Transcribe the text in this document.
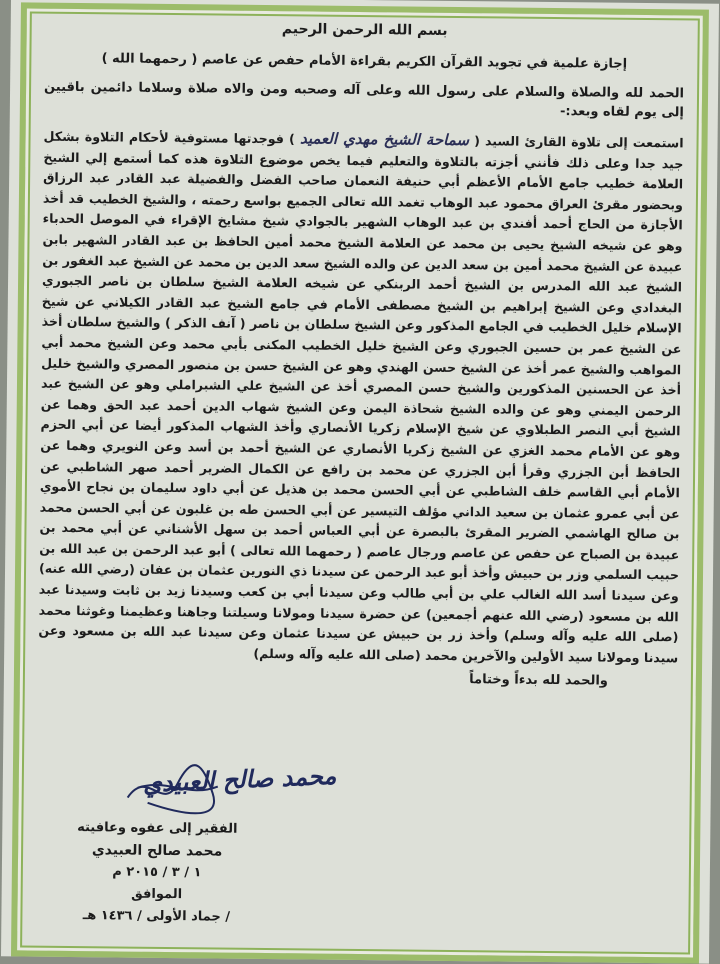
بسم الله الرحمن الرحيم
إجازة علمية في تجويد القرآن الكريم بقراءة الأمام حفص عن عاصم ( رحمهما الله )
الحمد لله والصلاة والسلام على رسول الله وعلى آله وصحبه ومن والاه صلاة وسلاما دائمين باقيين إلى يوم لقاه وبعد:-

استمعت إلى تلاوة القارئ السيد ( سماحة الشيخ مهدي العميد ) فوجدتها مستوفية لأحكام التلاوة بشكل جيد جدا وعلى ذلك فأنني أجزته بالتلاوة والتعليم فيما يخص موضوع التلاوة هذه كما أستمع إلي الشيخ العلامة خطيب جامع الأمام الأعظم أبي حنيفة النعمان صاحب الفضل والفضيلة عبد القادر عبد الرزاق وبحضور مقرئ العراق محمود عبد الوهاب تغمد الله تعالى الجميع بواسع رحمته ، والشيخ الخطيب قد أخذ الأجازة من الحاج أحمد أفندي بن عبد الوهاب الشهير بالجوادي شيخ مشايخ الإقراء في الموصل الحدباء وهو عن شيخه الشيخ يحيى بن محمد عن العلامة الشيخ محمد أمين الحافظ بن عبد القادر الشهير بابن عبيدة عن الشيخ محمد أمين بن سعد الدين عن والده الشيخ سعد الدين بن محمد عن الشيخ عبد الغفور بن الشيخ عبد الله المدرس بن الشيخ أحمد الربنكي عن شيخه العلامة الشيخ سلطان بن ناصر الجبوري البغدادي وعن الشيخ إبراهيم بن الشيخ مصطفى الأمام في جامع الشيخ عبد القادر الكيلاني عن شيخ الإسلام خليل الخطيب في الجامع المذكور وعن الشيخ سلطان بن ناصر ( آنف الذكر ) والشيخ سلطان أخذ عن الشيخ عمر بن حسين الجبوري وعن الشيخ خليل الخطيب المكنى بأبي محمد وعن الشيخ محمد أبي المواهب والشيخ عمر أخذ عن الشيخ حسن الهندي وهو عن الشيخ حسن بن منصور المصري والشيخ خليل أخذ عن الحسنين المذكورين والشيخ حسن المصري أخذ عن الشيخ علي الشبراملي وهو عن الشيخ عبد الرحمن اليمني وهو عن والده الشيخ شحاذة اليمن وعن الشيخ شهاب الدين أحمد عبد الحق وهما عن الشيخ أبي النصر الطبلاوي عن شيخ الإسلام زكريا الأنصاري وأخذ الشهاب المذكور أيضا عن أبي الحزم وهو عن الأمام محمد الغزي عن الشيخ زكريا الأنصاري عن الشيخ أحمد بن أسد وعن النويري وهما عن الحافظ أبن الجزري وقرأ أبن الجزري عن محمد بن رافع عن الكمال الضرير أحمد صهر الشاطبي عن الأمام أبي القاسم خلف الشاطبي عن أبي الحسن محمد بن هذيل عن أبي داود سليمان بن نجاح الأموي عن أبي عمرو عثمان بن سعيد الداني مؤلف التيسير عن أبي الحسن طه بن غلبون عن أبي الحسن محمد بن صالح الهاشمي الضرير المقرئ بالبصرة عن أبي العباس أحمد بن سهل الأشناني عن أبي محمد بن عبيدة بن الصباح عن حفص عن عاصم ورجال عاصم ( رحمهما الله تعالى ) أبو عبد الرحمن بن عبد الله بن حبيب السلمي وزر بن حبيش وأخذ أبو عبد الرحمن عن سيدنا ذي النورين عثمان بن عفان (رضي الله عنه) وعن سيدنا أسد الله الغالب علي بن أبي طالب وعن سيدنا أبي بن كعب وسيدنا زيد بن ثابت وسيدنا عبد الله بن مسعود (رضي الله عنهم أجمعين) عن حضرة سيدنا ومولانا وسيلتنا وجاهنا وعظيمنا وغوثنا محمد (صلى الله عليه وآله وسلم) وأخذ زر بن حبيش عن سيدنا عثمان وعن سيدنا عبد الله بن مسعود وعن سيدنا ومولانا سيد الأولين والآخرين محمد (صلى الله عليه وآله وسلم)

والحمد لله بدءاً وختاماً
محمد صالح العبيدي
الفقير إلى عفوه وعافيته
محمد صالح العبيدي
١ / ٣ / ٢٠١٥ م
الموافق
/ جماد الأولى / ١٤٣٦ هـ
